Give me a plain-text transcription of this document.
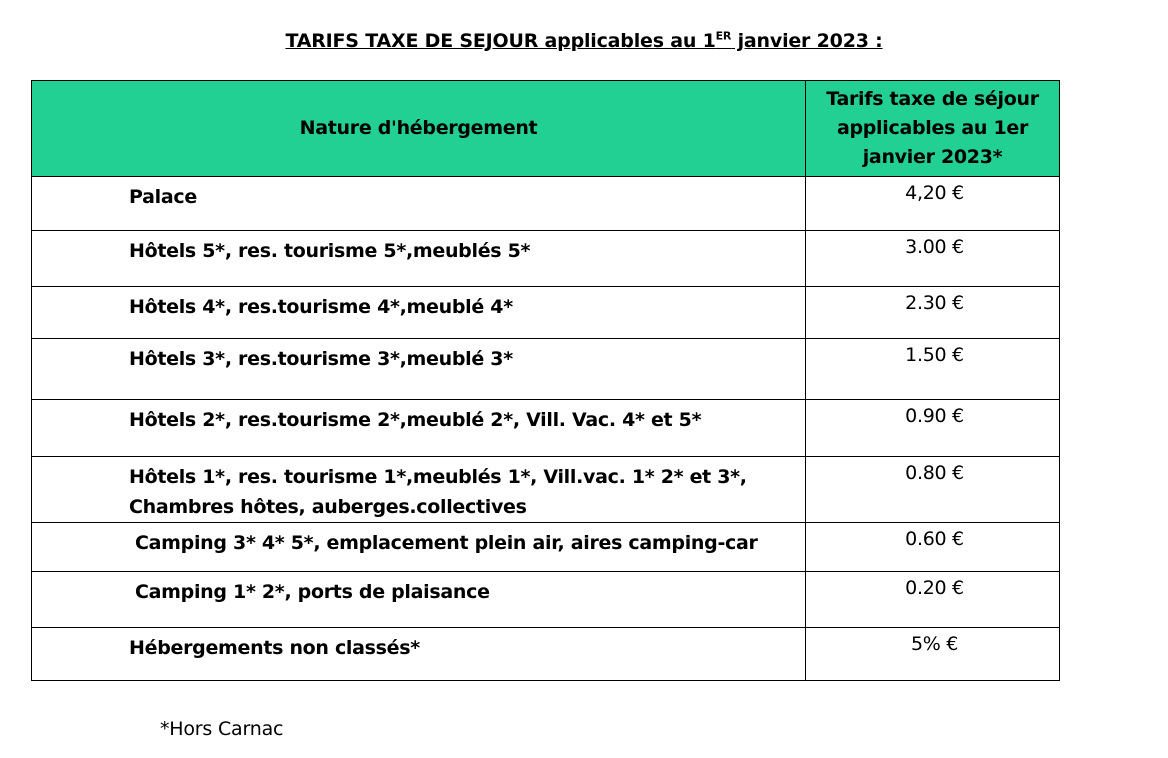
TARIFS TAXE DE SEJOUR applicables au 1ER janvier 2023 :
Nature d'hébergement	Tarifs taxe de séjour applicables au 1er janvier 2023*
Palace	4,20 €
Hôtels 5*, res. tourisme 5*,meublés 5*	3.00 €
Hôtels 4*, res.tourisme 4*,meublé 4*	2.30 €
Hôtels 3*, res.tourisme 3*,meublé 3*	1.50 €
Hôtels 2*, res.tourisme 2*,meublé 2*, Vill. Vac. 4* et 5*	0.90 €
Hôtels 1*, res. tourisme 1*,meublés 1*, Vill.vac. 1* 2* et 3*,
Chambres hôtes, auberges.collectives	0.80 €
Camping 3* 4* 5*, emplacement plein air, aires camping-car	0.60 €
Camping 1* 2*, ports de plaisance	0.20 €
Hébergements non classés*	5% €
*Hors Carnac
